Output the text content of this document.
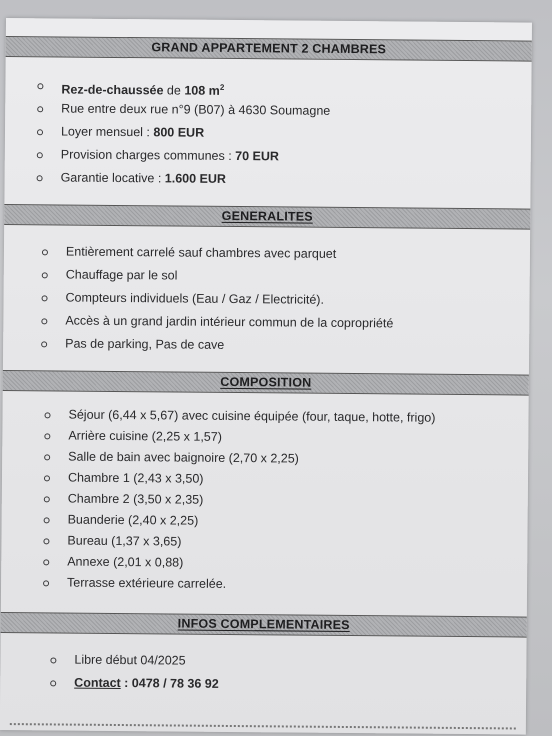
GRAND APPARTEMENT 2 CHAMBRES
Rez-de-chaussée de 108 $m^2$
Rue entre deux rue n°9 (B07) à 4630 Soumagne
Loyer mensuel : 800 EUR
Provision charges communes : 70 EUR
Garantie locative : 1.600 EUR
GENERALITES
Entièrement carrelé sauf chambres avec parquet
Chauffage par le sol
Compteurs individuels (Eau / Gaz / Electricité).
Accès à un grand jardin intérieur commun de la copropriété
Pas de parking, Pas de cave
COMPOSITION
Séjour (6,44 x 5,67) avec cuisine équipée (four, taque, hotte, frigo)
Arrière cuisine (2,25 x 1,57)
Salle de bain avec baignoire (2,70 x 2,25)
Chambre 1 (2,43 x 3,50)
Chambre 2 (3,50 x 2,35)
Buanderie (2,40 x 2,25)
Bureau (1,37 x 3,65)
Annexe (2,01 x 0,88)
Terrasse extérieure carrelée.
INFOS COMPLEMENTAIRES
Libre début 04/2025
Contact : 0478 / 78 36 92
